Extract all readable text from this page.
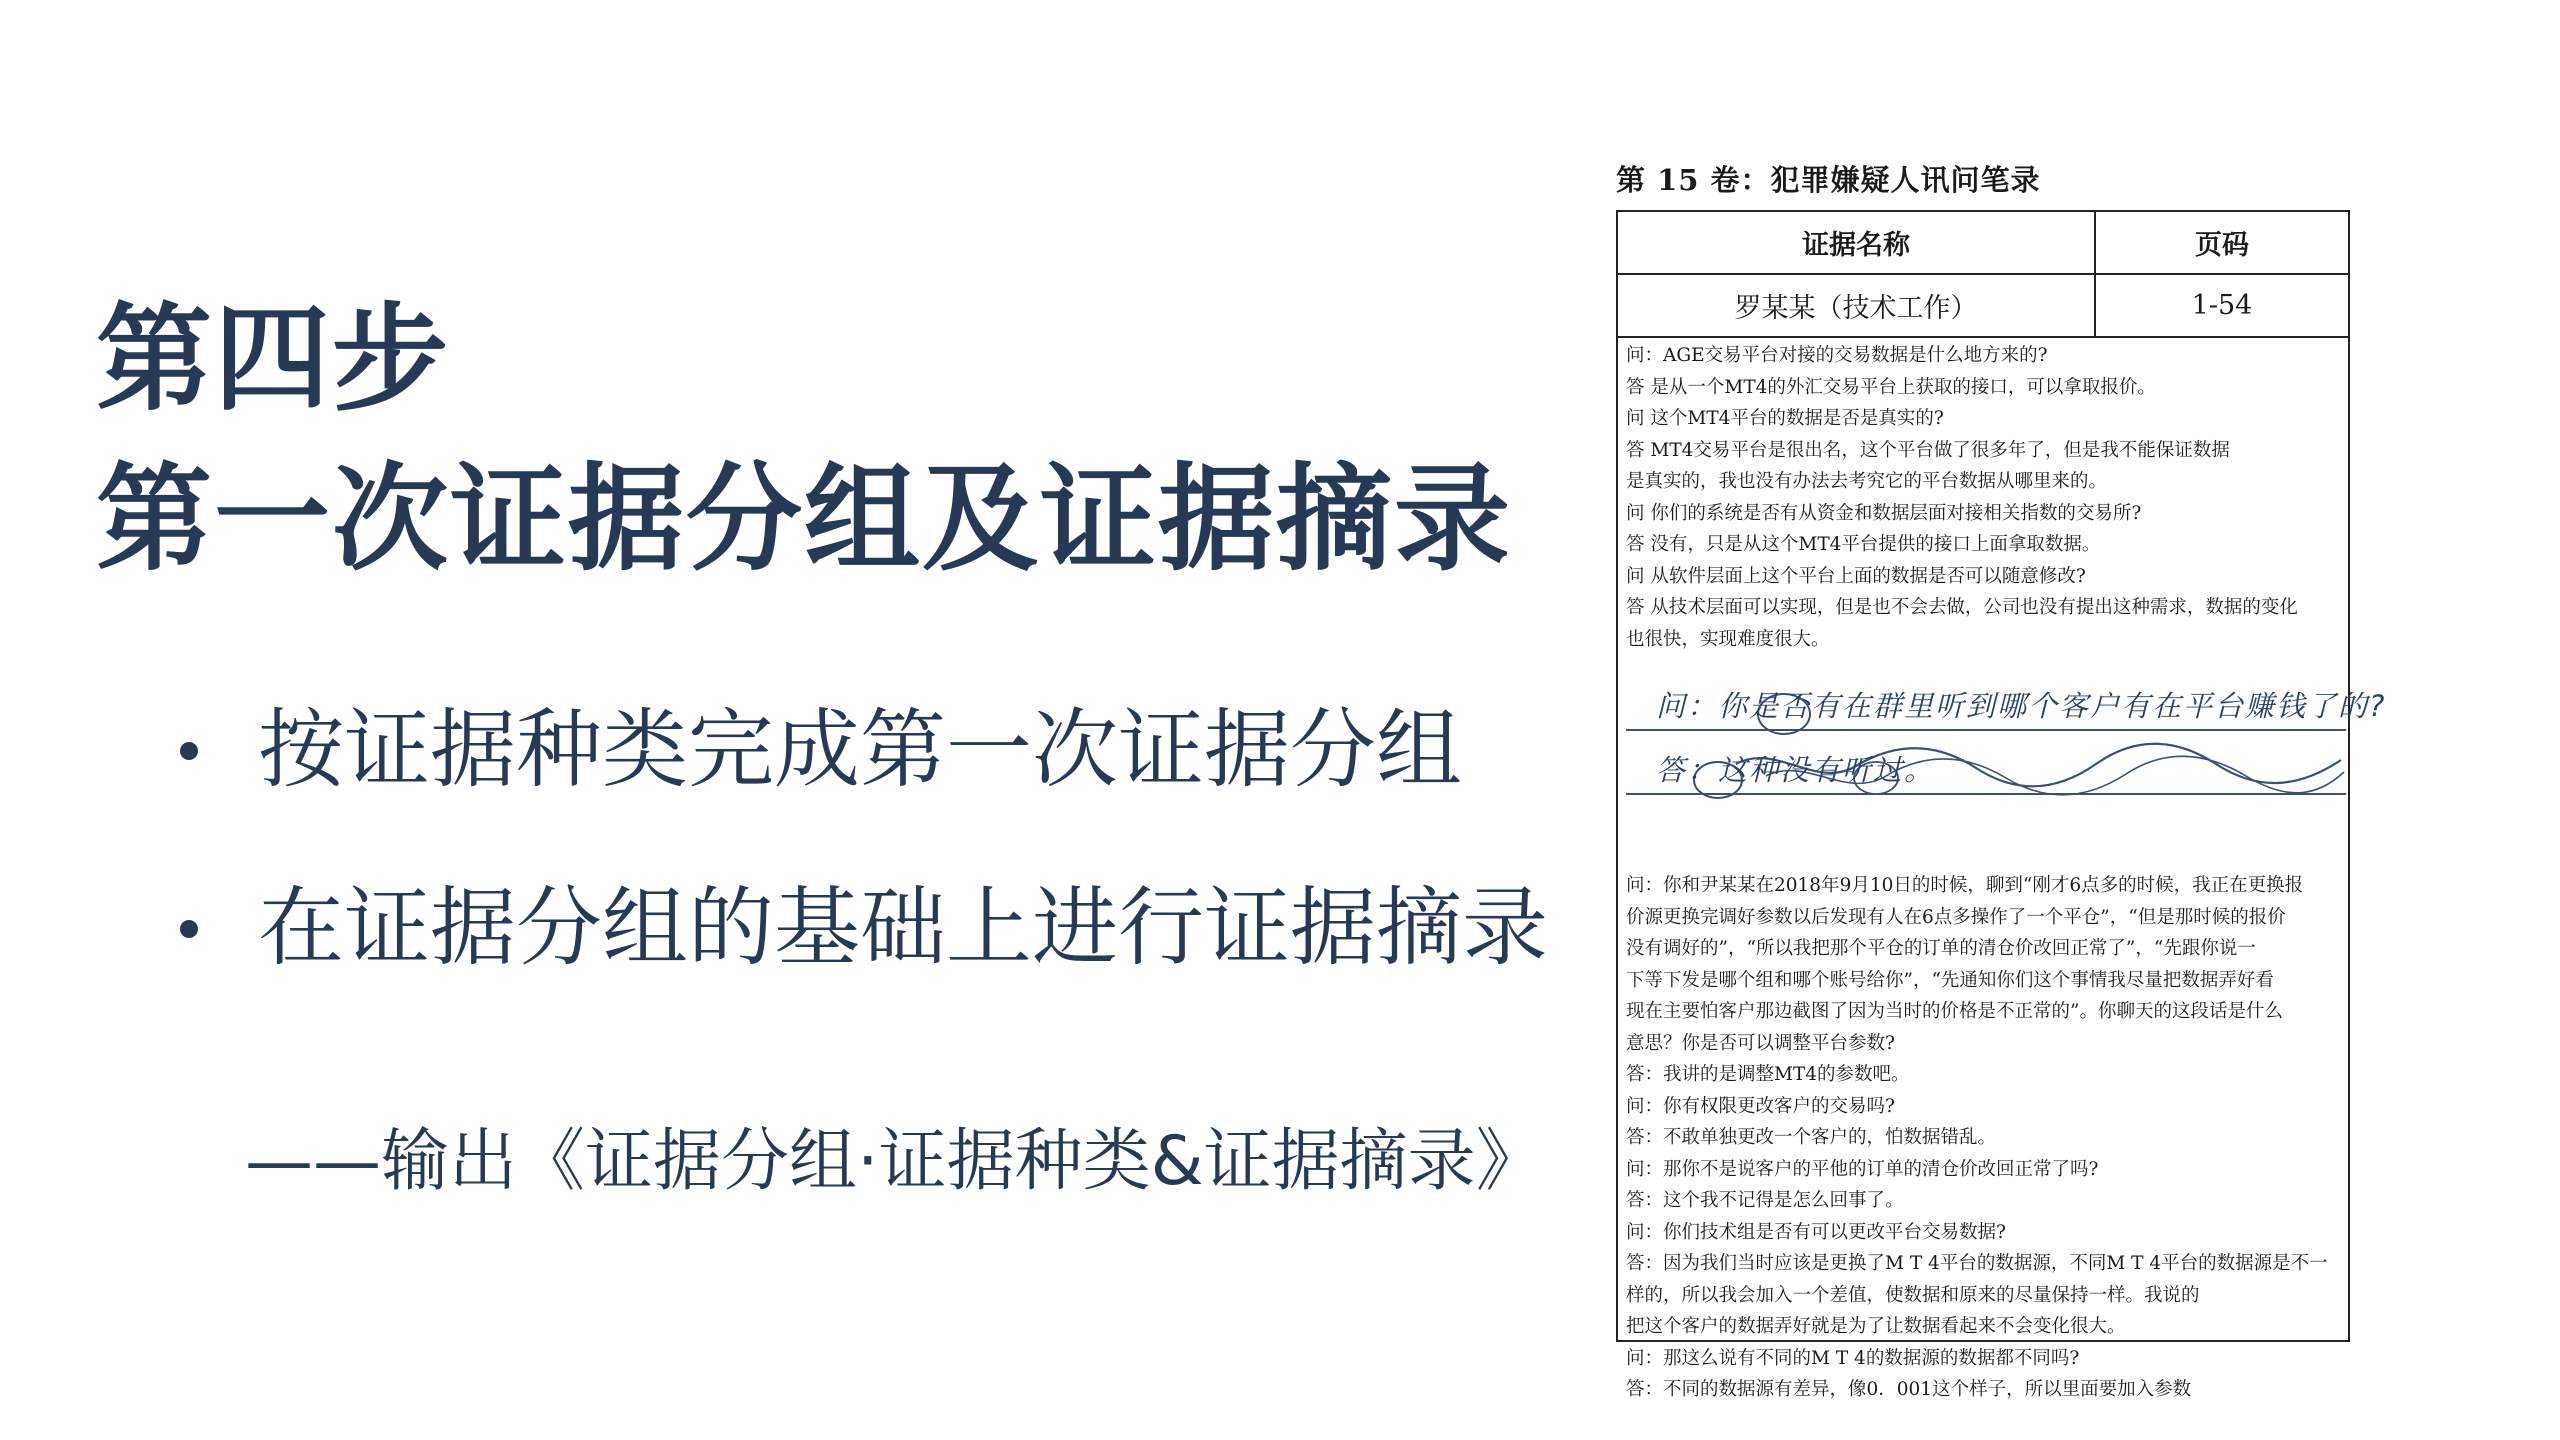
第四步
第一次证据分组及证据摘录
按证据种类完成第一次证据分组
在证据分组的基础上进行证据摘录
——输出《证据分组·证据种类&证据摘录》
第 15 卷：犯罪嫌疑人讯问笔录
证据名称	页码
罗某某（技术工作）	1-54

问：AGE交易平台对接的交易数据是什么地方来的?

答 是从一个MT4的外汇交易平台上获取的接口，可以拿取报价。

问 这个MT4平台的数据是否是真实的?

答 MT4交易平台是很出名，这个平台做了很多年了，但是我不能保证数据

是真实的，我也没有办法去考究它的平台数据从哪里来的。

问 你们的系统是否有从资金和数据层面对接相关指数的交易所?

答 没有，只是从这个MT4平台提供的接口上面拿取数据。

问 从软件层面上这个平台上面的数据是否可以随意修改?

答 从技术层面可以实现，但是也不会去做，公司也没有提出这种需求，数据的变化

也很快，实现难度很大。

问：你是否有在群里听到哪个客户有在平台赚钱了的?

答：这种没有听过。

问：你和尹某某在2018年9月10日的时候，聊到“刚才6点多的时候，我正在更换报

价源更换完调好参数以后发现有人在6点多操作了一个平仓”，“但是那时候的报价

没有调好的”，“所以我把那个平仓的订单的清仓价改回正常了”，“先跟你说一

下等下发是哪个组和哪个账号给你”，“先通知你们这个事情我尽量把数据弄好看

现在主要怕客户那边截图了因为当时的价格是不正常的”。你聊天的这段话是什么

意思？你是否可以调整平台参数?

答：我讲的是调整MT4的参数吧。

问：你有权限更改客户的交易吗?

答：不敢单独更改一个客户的，怕数据错乱。

问：那你不是说客户的平他的订单的清仓价改回正常了吗?

答：这个我不记得是怎么回事了。

问：你们技术组是否有可以更改平台交易数据?

答：因为我们当时应该是更换了M T 4平台的数据源，不同M T 4平台的数据源是不一

样的，所以我会加入一个差值，使数据和原来的尽量保持一样。我说的

把这个客户的数据弄好就是为了让数据看起来不会变化很大。

问：那这么说有不同的M T 4的数据源的数据都不同吗?

答：不同的数据源有差异，像0．001这个样子，所以里面要加入参数
